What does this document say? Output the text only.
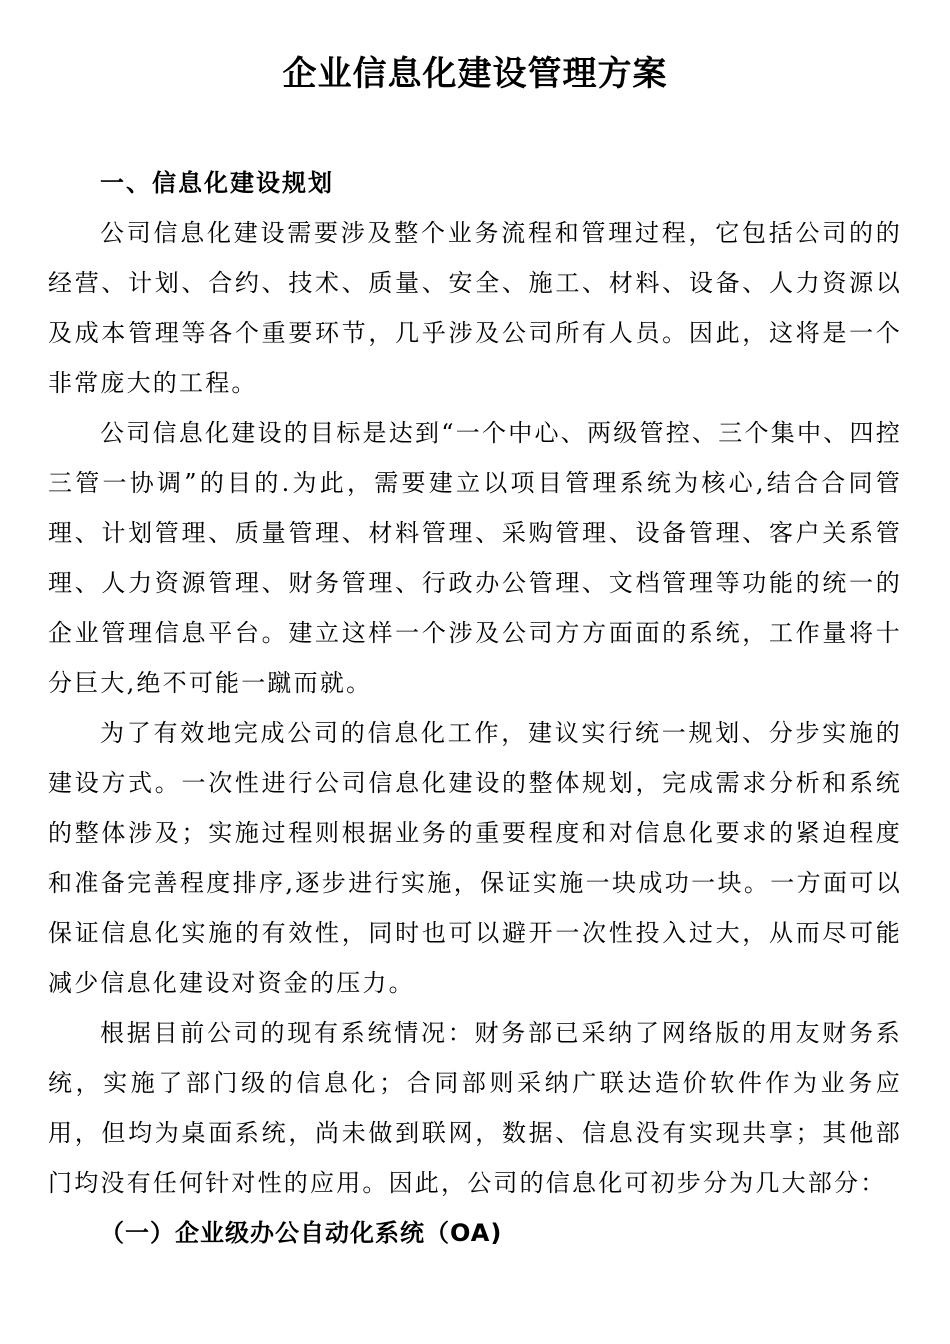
企业信息化建设管理方案
一、信息化建设规划

公司信息化建设需要涉及整个业务流程和管理过程，它包括公司的的经营、计划、合约、技术、质量、安全、施工、材料、设备、人力资源以及成本管理等各个重要环节，几乎涉及公司所有人员。因此，这将是一个非常庞大的工程。

公司信息化建设的目标是达到“一个中心、两级管控、三个集中、四控三管一协调”的目的.为此，需要建立以项目管理系统为核心,结合合同管理、计划管理、质量管理、材料管理、采购管理、设备管理、客户关系管理、人力资源管理、财务管理、行政办公管理、文档管理等功能的统一的企业管理信息平台。建立这样一个涉及公司方方面面的系统，工作量将十分巨大,绝不可能一蹴而就。

为了有效地完成公司的信息化工作，建议实行统一规划、分步实施的建设方式。一次性进行公司信息化建设的整体规划，完成需求分析和系统的整体涉及；实施过程则根据业务的重要程度和对信息化要求的紧迫程度和准备完善程度排序,逐步进行实施，保证实施一块成功一块。一方面可以保证信息化实施的有效性，同时也可以避开一次性投入过大，从而尽可能减少信息化建设对资金的压力。

根据目前公司的现有系统情况：财务部已采纳了网络版的用友财务系统，实施了部门级的信息化；合同部则采纳广联达造价软件作为业务应用，但均为桌面系统，尚未做到联网，数据、信息没有实现共享；其他部门均没有任何针对性的应用。因此，公司的信息化可初步分为几大部分：

（一）企业级办公自动化系统（OA)
